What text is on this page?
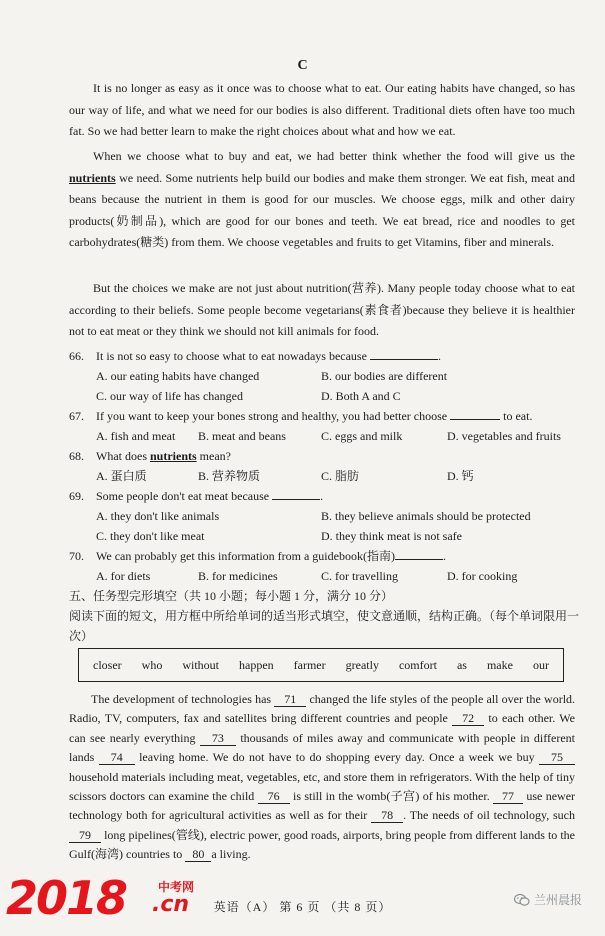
C

It is no longer as easy as it once was to choose what to eat. Our eating habits have changed, so has our way of life, and what we need for our bodies is also different. Traditional diets often have too much fat. So we had better learn to make the right choices about what and how we eat.

When we choose what to buy and eat, we had better think whether the food will give us the nutrients we need. Some nutrients help build our bodies and make them stronger. We eat fish, meat and beans because the nutrient in them is good for our muscles. We choose eggs, milk and other dairy products(奶制品), which are good for our bones and teeth. We eat bread, rice and noodles to get carbohydrates(糖类) from them. We choose vegetables and fruits to get Vitamins, fiber and minerals.

But the choices we make are not just about nutrition(营养). Many people today choose what to eat according to their beliefs. Some people become vegetarians(素食者)because they believe it is healthier not to eat meat or they think we should not kill animals for food.

66. It is not so easy to choose what to eat nowadays because	.
A. our eating habits have changed	B. our bodies are different
C. our way of life has changed	D. Both A and C
67. If you want to keep your bones strong and healthy, you had better choose	to eat.
A. fish and meat B. meat and beans	C. eggs and milk	D. vegetables and fruits
68. What does nutrients mean?
A. 蛋白质	B. 营养物质	C. 脂肪	D. 钙
69. Some people don't eat meat because	.
A. they don't like animals	B. they believe animals should be protected
C. they don't like meat	D. they think meat is not safe
70. We can probably get this information from a guidebook(指南)	.
A. for diets	B. for medicines	C. for travelling	D. for cooking
五、任务型完形填空（共 10 小题；每小题 1 分，满分 10 分）
阅读下面的短文，用方框中所给单词的适当形式填空，使文意通顺，结构正确。（每个单词限用一次）
closer who without happen farmer greatly comfort as make our

The development of technologies has 71 changed the life styles of the people all over the world. Radio, TV, computers, fax and satellites bring different countries and people 72 to each other. We can see nearly everything 73 thousands of miles away and communicate with people in different lands 74 leaving home. We do not have to do shopping every day. Once a week we buy 75 household materials including meat, vegetables, etc, and store them in refrigerators. With the help of tiny scissors doctors can examine the child 76 is still in the womb(子宫) of his mother. 77 use newer technology both for agricultural activities as well as for their 78 . The needs of oil technology, such 79 long pipelines(管线), electric power, good roads, airports, bring people from different lands to the Gulf(海湾) countries to 80 a living.

2018	中考网
.cn	英语（A） 第 6 页 （共 8 页）	兰州晨报
